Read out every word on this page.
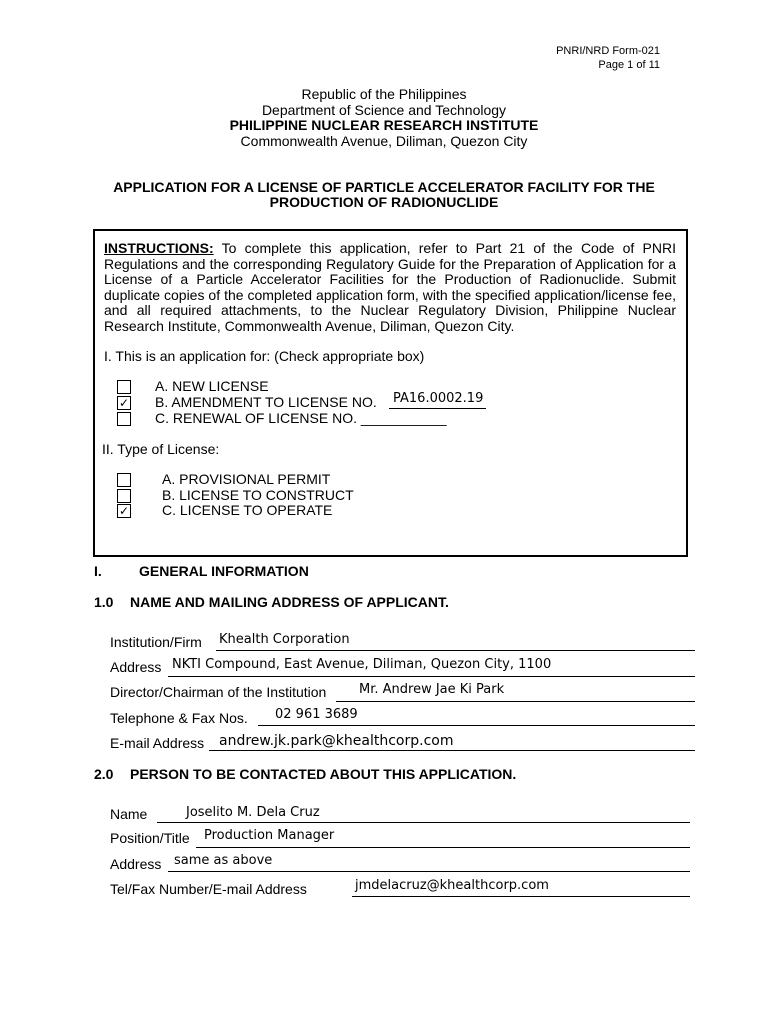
PNRI/NRD Form-021
Page 1 of 11
Republic of the Philippines
Department of Science and Technology
PHILIPPINE NUCLEAR RESEARCH INSTITUTE
Commonwealth Avenue, Diliman, Quezon City
APPLICATION FOR A LICENSE OF PARTICLE ACCELERATOR FACILITY FOR THE
PRODUCTION OF RADIONUCLIDE
INSTRUCTIONS: To complete this application, refer to Part 21 of the Code of PNRI Regulations and the corresponding Regulatory Guide for the Preparation of Application for a License of a Particle Accelerator Facilities for the Production of Radionuclide. Submit duplicate copies of the completed application form, with the specified application/license fee, and all required attachments, to the Nuclear Regulatory Division, Philippine Nuclear Research Institute, Commonwealth Avenue, Diliman, Quezon City.
I. This is an application for: (Check appropriate box)
A. NEW LICENSE
✓ B. AMENDMENT TO LICENSE NO. PA16.0002.19
C. RENEWAL OF LICENSE NO. ___________
II. Type of License:
A. PROVISIONAL PERMIT
B. LICENSE TO CONSTRUCT
✓ C. LICENSE TO OPERATE
I.	GENERAL INFORMATION
1.0 NAME AND MAILING ADDRESS OF APPLICANT.
Institution/Firm Khealth Corporation
Address NKTI Compound, East Avenue, Diliman, Quezon City, 1100
Director/Chairman of the Institution	Mr. Andrew Jae Ki Park
Telephone & Fax Nos. 02 961 3689
E-mail Address andrew.jk.park@khealthcorp.com
2.0 PERSON TO BE CONTACTED ABOUT THIS APPLICATION.
Name	Joselito M. Dela Cruz
Position/Title Production Manager
Address same as above
Tel/Fax Number/E-mail Address	jmdelacruz@khealthcorp.com
